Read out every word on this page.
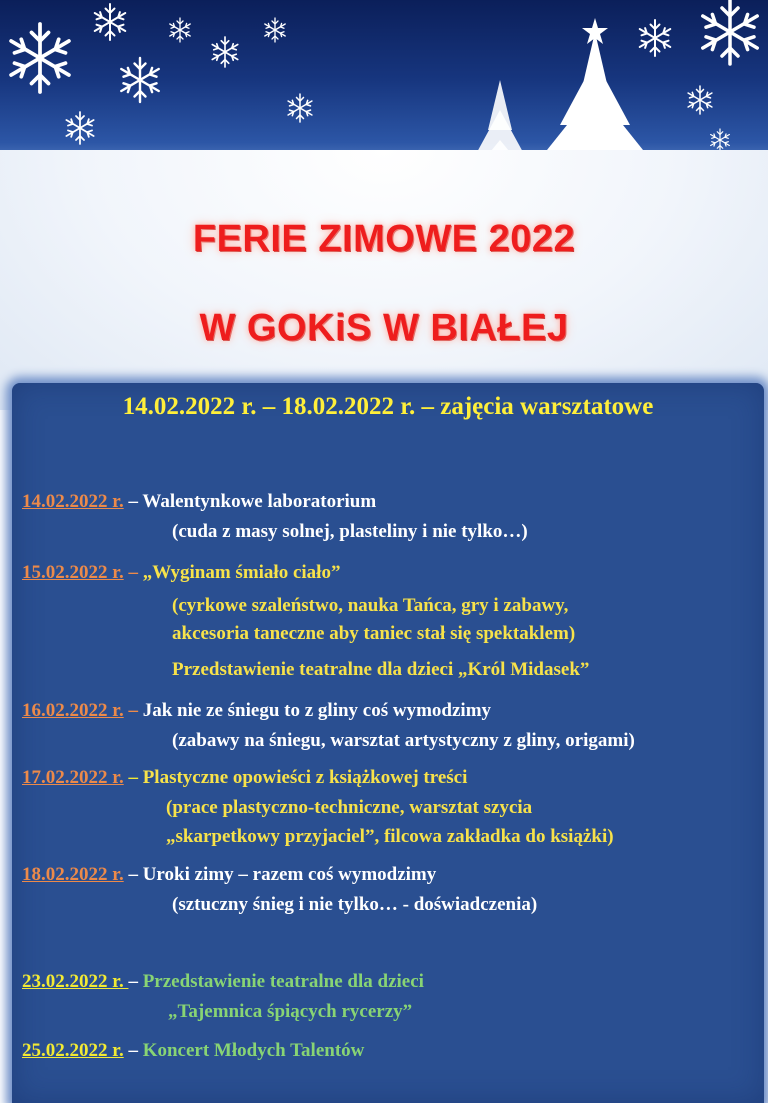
FERIE ZIMOWE 2022
W GOKiS W BIAŁEJ
14.02.2022 r. – 18.02.2022 r. – zajęcia warsztatowe
14.02.2022 r. – Walentynkowe laboratorium
(cuda z masy solnej, plasteliny i nie tylko…)
15.02.2022 r. – „Wyginam śmiało ciało”
(cyrkowe szaleństwo, nauka Tańca, gry i zabawy,
akcesoria taneczne aby taniec stał się spektaklem)
Przedstawienie teatralne dla dzieci „Król Midasek”
16.02.2022 r. – Jak nie ze śniegu to z gliny coś wymodzimy
(zabawy na śniegu, warsztat artystyczny z gliny, origami)
17.02.2022 r. – Plastyczne opowieści z książkowej treści
(prace plastyczno-techniczne, warsztat szycia
„skarpetkowy przyjaciel”, filcowa zakładka do książki)
18.02.2022 r. – Uroki zimy – razem coś wymodzimy
(sztuczny śnieg i nie tylko… - doświadczenia)
23.02.2022 r. – Przedstawienie teatralne dla dzieci
„Tajemnica śpiących rycerzy”
25.02.2022 r. – Koncert Młodych Talentów
